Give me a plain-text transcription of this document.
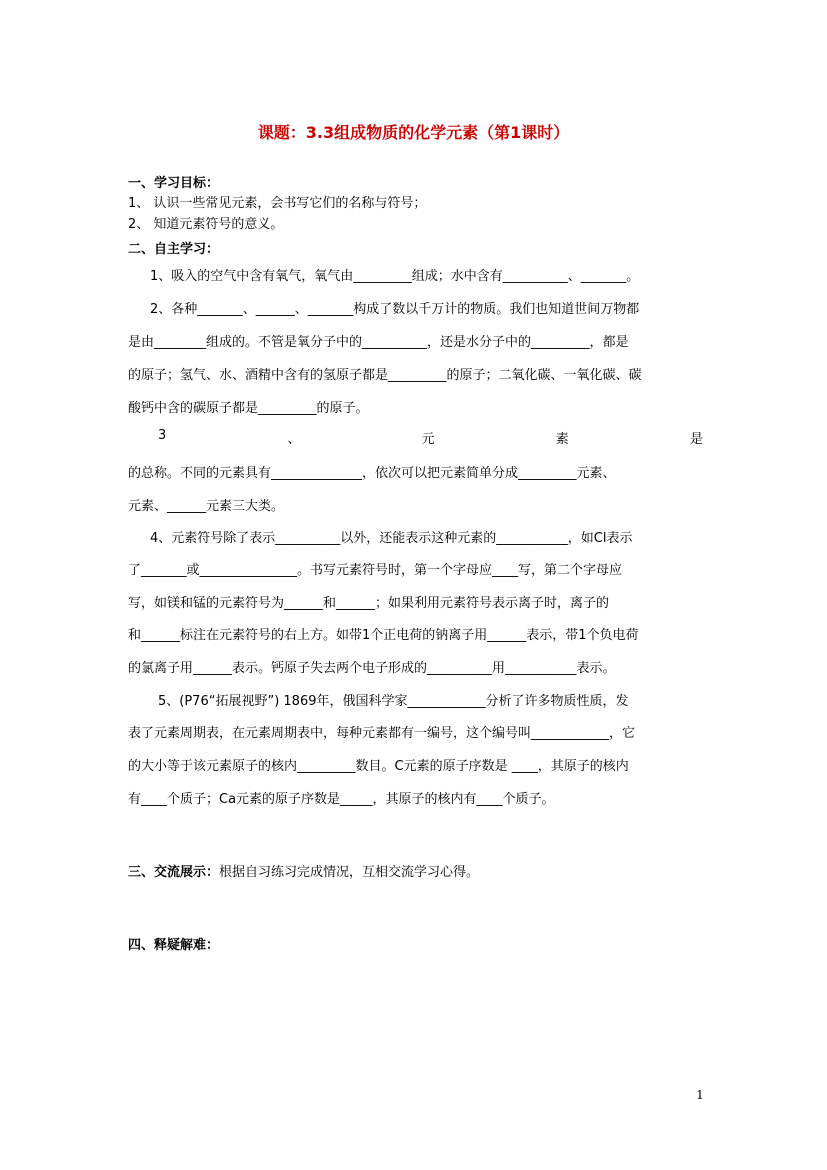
课题：3.3组成物质的化学元素（第1课时）
一、学习目标：
1、 认识一些常见元素，会书写它们的名称与符号；
2、 知道元素符号的意义。
二、自主学习：
1、吸入的空气中含有氧气，氧气由_________组成；水中含有__________、_______。
2、各种_______、______、_______构成了数以千万计的物质。我们也知道世间万物都
是由________组成的。不管是氧分子中的__________，还是水分子中的_________，都是
的原子；氢气、水、酒精中含有的氢原子都是_________的原子；二氧化碳、一氧化碳、碳
酸钙中含的碳原子都是_________的原子。
3	、	元	素	是
的总称。不同的元素具有______________，依次可以把元素简单分成_________元素、
元素、______元素三大类。
4、元素符号除了表示__________以外，还能表示这种元素的___________，如Cl表示
了_______或_______________。书写元素符号时，第一个字母应____写，第二个字母应
写，如镁和锰的元素符号为______和______；如果利用元素符号表示离子时，离子的
和______标注在元素符号的右上方。如带1个正电荷的钠离子用______表示，带1个负电荷
的氯离子用______表示。钙原子失去两个电子形成的__________用___________表示。
5、(P76“拓展视野”) 1869年，俄国科学家____________分析了许多物质性质，发
表了元素周期表，在元素周期表中，每种元素都有一编号，这个编号叫____________，它
的大小等于该元素原子的核内_________数目。C元素的原子序数是 ____，其原子的核内
有____个质子；Ca元素的原子序数是_____，其原子的核内有____个质子。
三、交流展示：根据自习练习完成情况，互相交流学习心得。
四、释疑解难：
1
